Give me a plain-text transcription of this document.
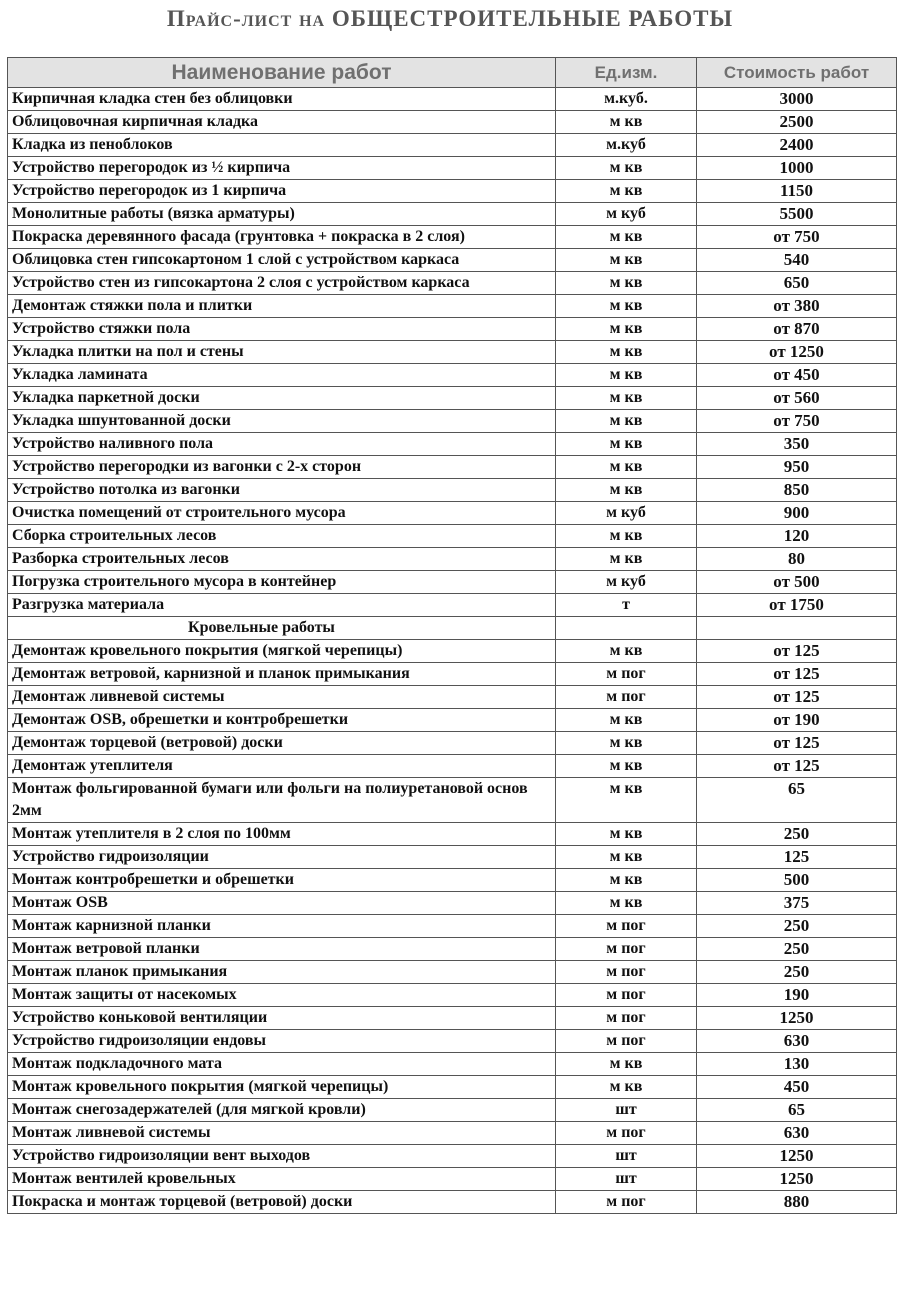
Прайс-лист на ОБЩЕСТРОИТЕЛЬНЫЕ РАБОТЫ
Наименование работ	Ед.изм.	Стоимость работ
Кирпичная кладка стен без облицовки	м.куб.	3000
Облицовочная кирпичная кладка	м кв	2500
Кладка из пеноблоков	м.куб	2400
Устройство перегородок из ½ кирпича	м кв	1000
Устройство перегородок из 1 кирпича	м кв	1150
Монолитные работы (вязка арматуры)	м куб	5500
Покраска деревянного фасада (грунтовка + покраска в 2 слоя)	м кв	от 750
Облицовка стен гипсокартоном 1 слой с устройством каркаса	м кв	540
Устройство стен из гипсокартона 2 слоя с устройством каркаса	м кв	650
Демонтаж стяжки пола и плитки	м кв	от 380
Устройство стяжки пола	м кв	от 870
Укладка плитки на пол и стены	м кв	от 1250
Укладка ламината	м кв	от 450
Укладка паркетной доски	м кв	от 560
Укладка шпунтованной доски	м кв	от 750
Устройство наливного пола	м кв	350
Устройство перегородки из вагонки с 2-х сторон	м кв	950
Устройство потолка из вагонки	м кв	850
Очистка помещений от строительного мусора	м куб	900
Сборка строительных лесов	м кв	120
Разборка строительных лесов	м кв	80
Погрузка строительного мусора в контейнер	м куб	от 500
Разгрузка материала	т	от 1750
Кровельные работы		
Демонтаж кровельного покрытия (мягкой черепицы)	м кв	от 125
Демонтаж ветровой, карнизной и планок примыкания	м пог	от 125
Демонтаж ливневой системы	м пог	от 125
Демонтаж OSB, обрешетки и контробрешетки	м кв	от 190
Демонтаж торцевой (ветровой) доски	м кв	от 125
Демонтаж утеплителя	м кв	от 125
Монтаж фольгированной бумаги или фольги на полиуретановой основ 2мм	м кв	65
Монтаж утеплителя в 2 слоя по 100мм	м кв	250
Устройство гидроизоляции	м кв	125
Монтаж контробрешетки и обрешетки	м кв	500
Монтаж OSB	м кв	375
Монтаж карнизной планки	м пог	250
Монтаж ветровой планки	м пог	250
Монтаж планок примыкания	м пог	250
Монтаж защиты от насекомых	м пог	190
Устройство коньковой вентиляции	м пог	1250
Устройство гидроизоляции ендовы	м пог	630
Монтаж подкладочного мата	м кв	130
Монтаж кровельного покрытия (мягкой черепицы)	м кв	450
Монтаж снегозадержателей (для мягкой кровли)	шт	65
Монтаж ливневой системы	м пог	630
Устройство гидроизоляции вент выходов	шт	1250
Монтаж вентилей кровельных	шт	1250
Покраска и монтаж торцевой (ветровой) доски	м пог	880
